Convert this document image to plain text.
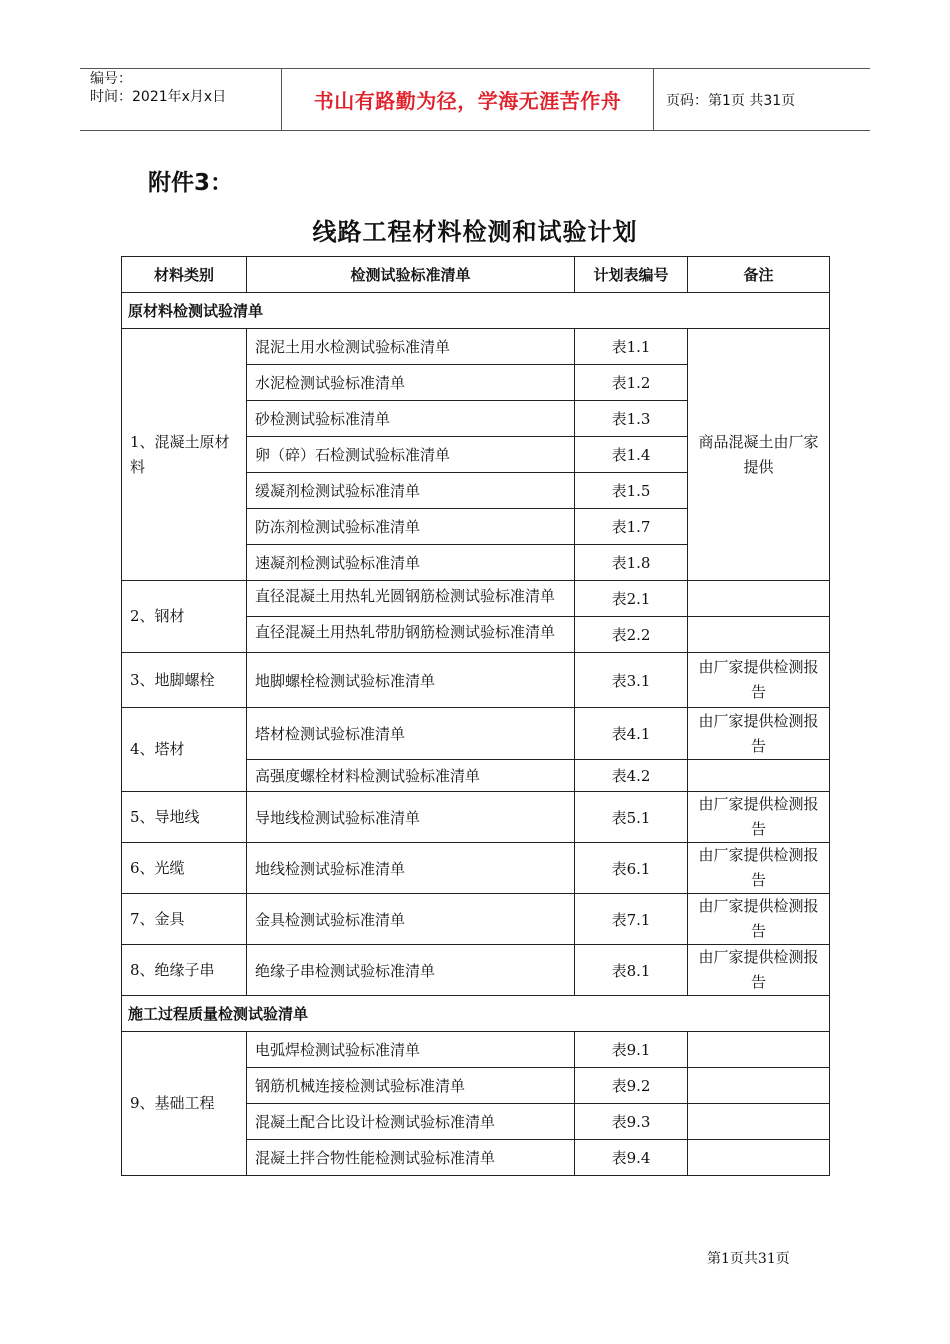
编号：
时间：2021年x月x日	书山有路勤为径，学海无涯苦作舟	页码：第1页 共31页
附件3：
线路工程材料检测和试验计划
材料类别	检测试验标准清单	计划表编号	备注
原材料检测试验清单			
1、混凝土原材料	混泥土用水检测试验标准清单	表1.1	商品混凝土由厂家提供
	水泥检测试验标准清单	表1.2	
	砂检测试验标准清单	表1.3	
	卵（碎）石检测试验标准清单	表1.4	
	缓凝剂检测试验标准清单	表1.5	
	防冻剂检测试验标准清单	表1.7	
	速凝剂检测试验标准清单	表1.8	
2、钢材	直径混凝土用热轧光圆钢筋检测试验标准清单	表2.1	

	直径混凝土用热轧带肋钢筋检测试验标准清单	表2.2	
3、地脚螺栓	地脚螺栓检测试验标准清单	表3.1	由厂家提供检测报告
4、塔材	塔材检测试验标准清单	表4.1	由厂家提供检测报告
	高强度螺栓材料检测试验标准清单	表4.2	
5、导地线	导地线检测试验标准清单	表5.1	由厂家提供检测报告
6、光缆	地线检测试验标准清单	表6.1	由厂家提供检测报告
7、金具	金具检测试验标准清单	表7.1	由厂家提供检测报告
8、绝缘子串	绝缘子串检测试验标准清单	表8.1	由厂家提供检测报告
施工过程质量检测试验清单			
9、基础工程	电弧焊检测试验标准清单	表9.1	
	钢筋机械连接检测试验标准清单	表9.2	
	混凝土配合比设计检测试验标准清单	表9.3	
	混凝土拌合物性能检测试验标准清单	表9.4	
第1页共31页
